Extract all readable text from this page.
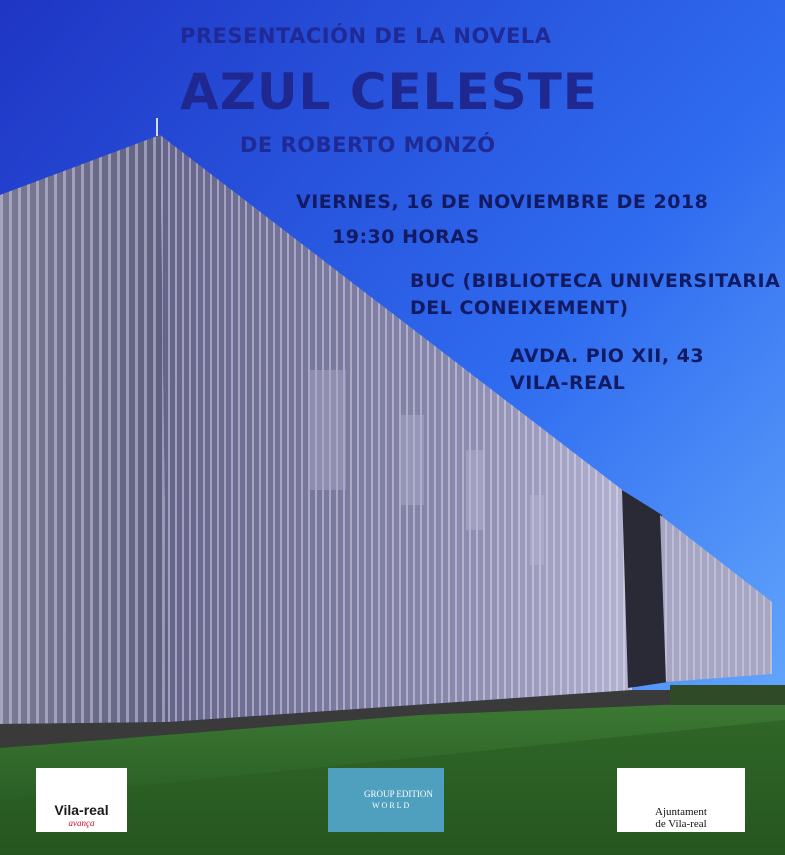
PRESENTACIÓN DE LA NOVELA
AZUL CELESTE
DE ROBERTO MONZÓ
VIERNES, 16 DE NOVIEMBRE DE 2018
19:30 HORAS
BUC (BIBLIOTECA UNIVERSITARIA
DEL CONEIXEMENT)
AVDA. PIO XII, 43
VILA-REAL
Vila-real
avança
GROUP EDITION
WORLD
Ajuntament
de Vila-real
